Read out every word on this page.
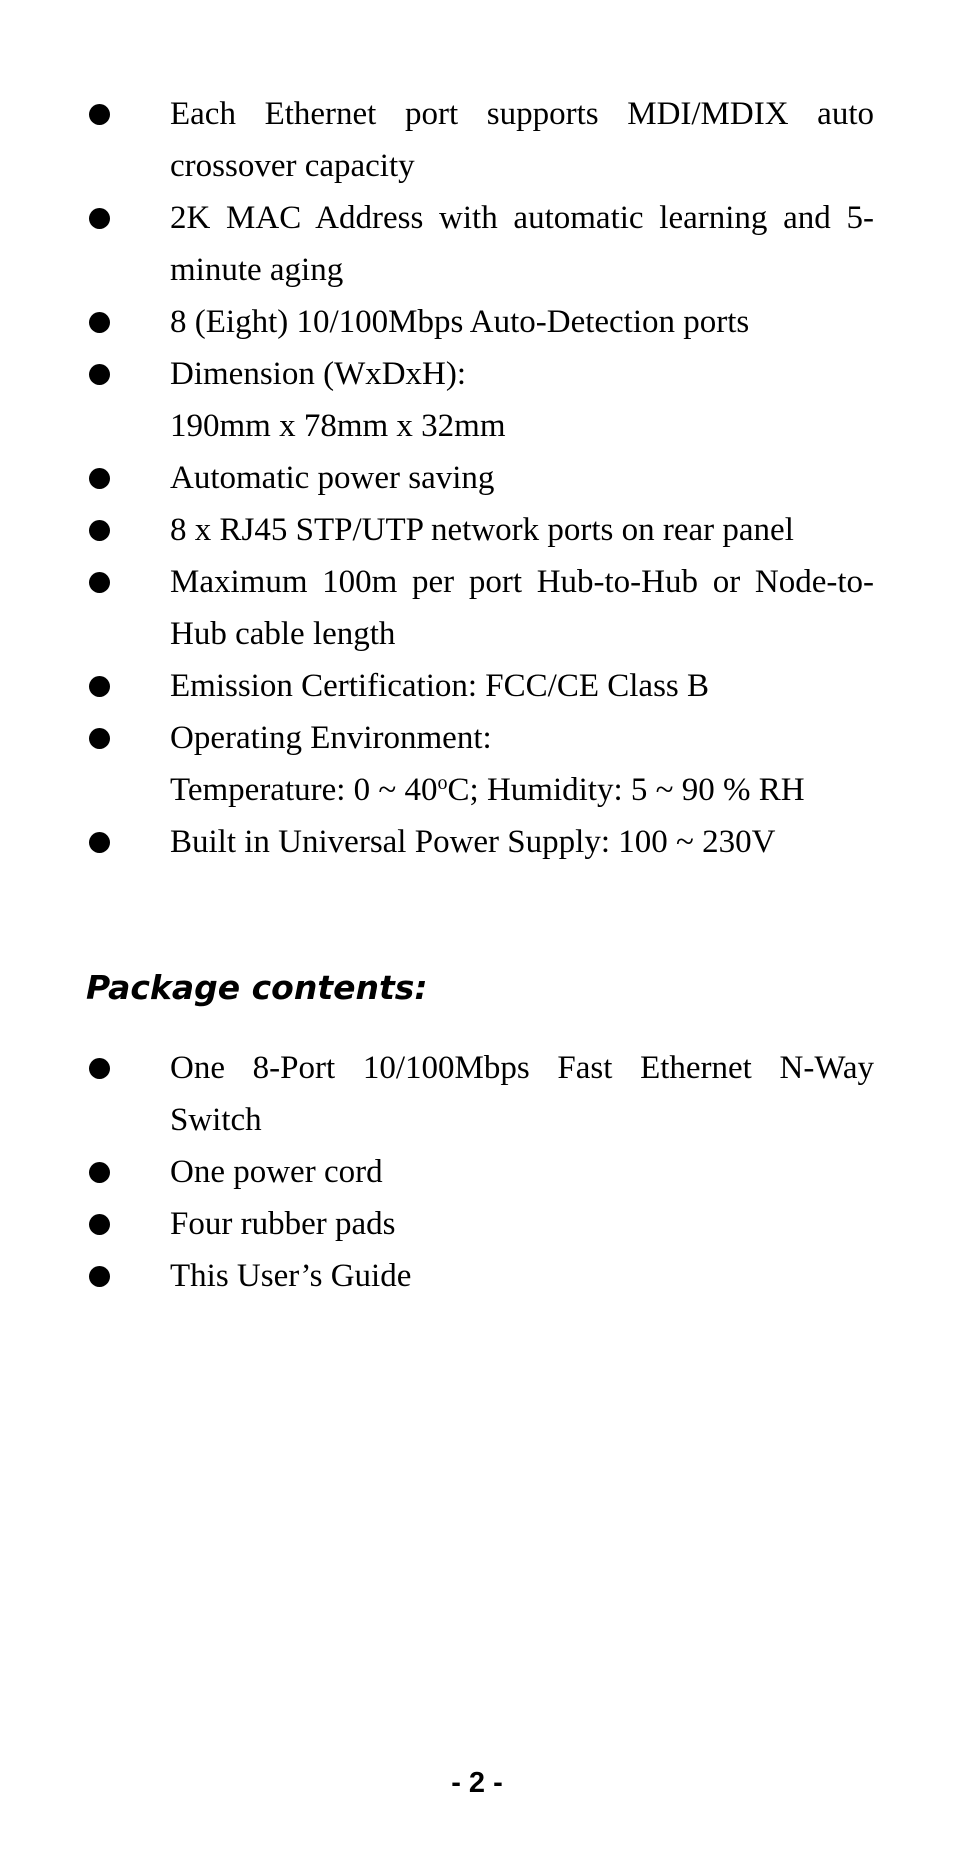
Each Ethernet port supports MDI/MDIX auto crossover capacity
2K MAC Address with automatic learning and 5-minute aging
8 (Eight) 10/100Mbps Auto-Detection ports
Dimension (WxDxH):
190mm x 78mm x 32mm
Automatic power saving
8 x RJ45 STP/UTP network ports on rear panel
Maximum 100m per port Hub-to-Hub or Node-to-Hub cable length
Emission Certification: FCC/CE Class B
Operating Environment:
Temperature: 0 ~ 40$^o$C; Humidity: 5 ~ 90 % RH
Built in Universal Power Supply: 100 ~ 230V
Package contents:
One 8-Port 10/100Mbps Fast Ethernet N-Way Switch
One power cord
Four rubber pads
This User’s Guide
- 2 -
